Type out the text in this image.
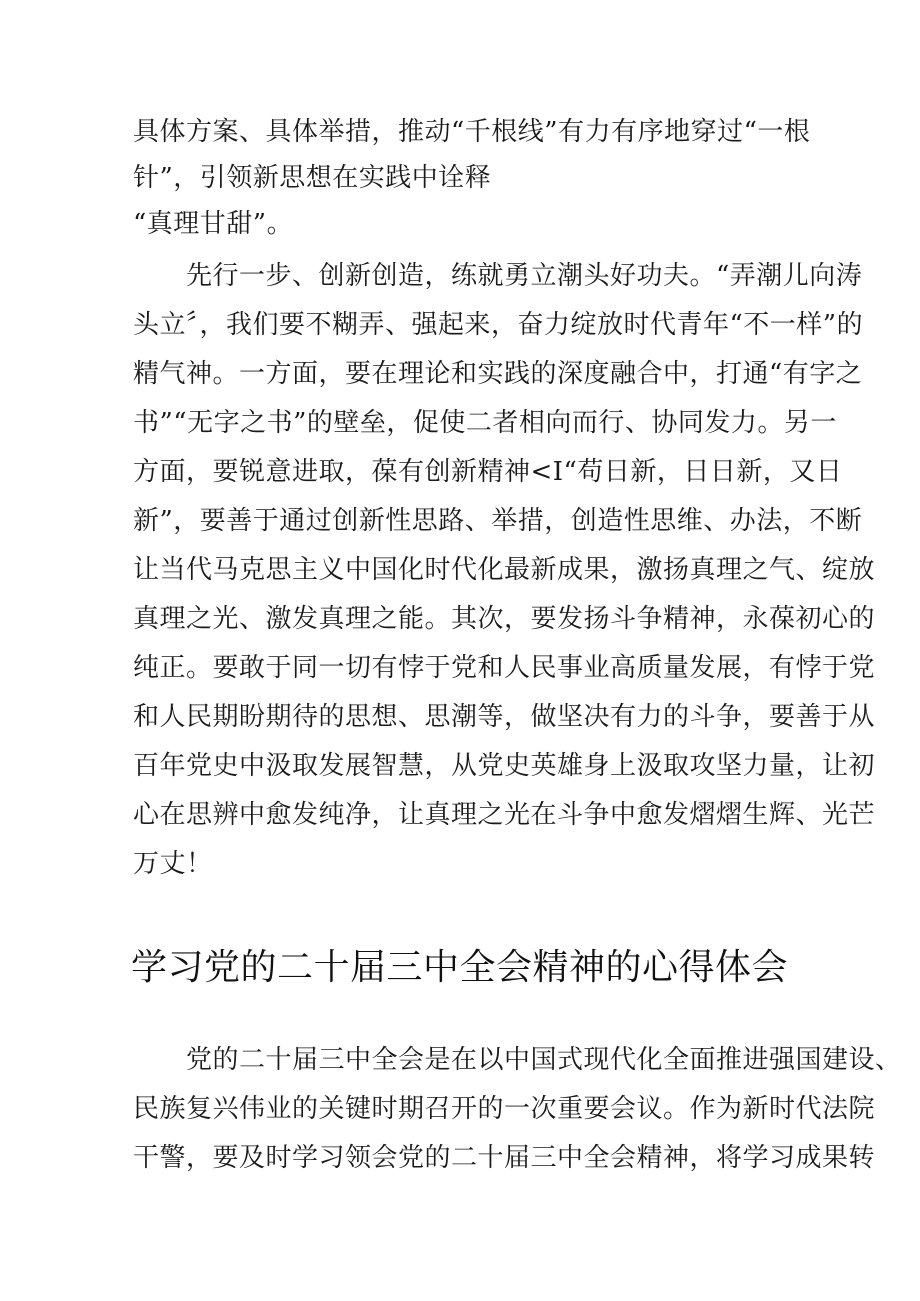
具体方案、具体举措，推动“千根线”有力有序地穿过“一根
针”，引领新思想在实践中诠释
“真理甘甜”。
　　先行一步、创新创造，练就勇立潮头好功夫。“弄潮儿向涛
头立〞，我们要不糊弄、强起来，奋力绽放时代青年“不一样”的
精气神。一方面，要在理论和实践的深度融合中，打通“有字之
书”“无字之书”的壁垒，促使二者相向而行、协同发力。另一
方面，要锐意进取，葆有创新精神<I“苟日新，日日新，又日
新”，要善于通过创新性思路、举措，创造性思维、办法，不断
让当代马克思主义中国化时代化最新成果，激扬真理之气、绽放
真理之光、激发真理之能。其次，要发扬斗争精神，永葆初心的
纯正。要敢于同一切有悖于党和人民事业高质量发展，有悖于党
和人民期盼期待的思想、思潮等，做坚决有力的斗争，要善于从
百年党史中汲取发展智慧，从党史英雄身上汲取攻坚力量，让初
心在思辨中愈发纯净，让真理之光在斗争中愈发熠熠生辉、光芒
万丈！
学习党的二十届三中全会精神的心得体会
　　党的二十届三中全会是在以中国式现代化全面推进强国建设、
民族复兴伟业的关键时期召开的一次重要会议。作为新时代法院
干警，要及时学习领会党的二十届三中全会精神，将学习成果转
